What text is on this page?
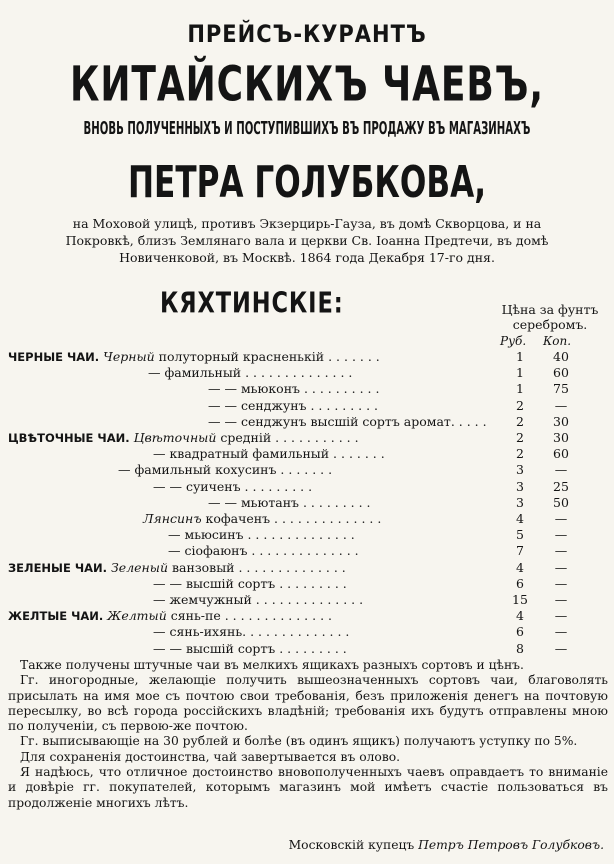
ПРЕЙСЪ-КУРАНТЪ
КИТАЙСКИХЪ ЧАЕВЪ,
ВНОВЬ ПОЛУЧЕННЫХЪ И ПОСТУПИВШИХЪ ВЪ ПРОДАЖУ ВЪ МАГАЗИНАХЪ
ПЕТРА ГОЛУБКОВА,
на Моховой улицѣ, противъ Экзерцирь-Гауза, въ домѣ Скворцова, и на
Покровкѣ, близъ Землянаго вала и церкви Св. Іоанна Предтечи, въ домѣ
Новиченковой, въ Москвѣ. 1864 года Декабря 17-го дня.
КЯХТИНСКІЕ:	Цѣна за фунтъ
серебромъ.
Руб. Коп.
ЧЕРНЫЕ ЧАИ. Черный полуторный красненькiй . . . . . . .	1	40
— фамильный . . . . . . . . . . . . . .	1	60
— — мьюконъ . . . . . . . . . .	1	75
— — сенджунъ . . . . . . . . .	2	—
— — сенджунъ высшiй сортъ аромат. . . . .	2	30
ЦВѢТОЧНЫЕ ЧАИ. Цвѣточный средній . . . . . . . . . . .	2	30
— квадратный фамильный . . . . . . .	2	60
— фамильный кохусинъ . . . . . . .	3	—
— — суиченъ . . . . . . . . .	3	25
— — мьютанъ . . . . . . . . .	3	50
Лянсинъ кофаченъ . . . . . . . . . . . . . .	4	—
— мьюсинъ . . . . . . . . . . . . . .	5	—
— сiофаюнъ . . . . . . . . . . . . . .	7	—
ЗЕЛЕНЫЕ ЧАИ. Зеленый ванзовый . . . . . . . . . . . . . .	4	—
— — высшiй сортъ . . . . . . . . .	6	—
— жемчужный . . . . . . . . . . . . . .	15	—
ЖЕЛТЫЕ ЧАИ. Желтый сянь-пе . . . . . . . . . . . . . .	4	—
— сянь-ихянь. . . . . . . . . . . . . .	6	—
— — высшiй сортъ . . . . . . . . .	8	—

Также получены штучные чаи въ мелкихъ ящикахъ разныхъ сортовъ и цѣнъ.

Гг. иногородные, желающіе получить вышеозначенныхъ сортовъ чаи, благоволять присылать на имя мое съ почтою свои требованія, безъ приложенія денегъ на почтовую пересылку, во всѣ города россійскихъ владѣній; требованія ихъ будутъ отправлены мною по полученіи, съ первою-же почтою.

Гг. выписывающіе на 30 рублей и болѣе (въ одинъ ящикъ) получаютъ уступку по 5%.

Для сохраненія достоинства, чай завертывается въ олово.

Я надѣюсь, что отличное достоинство вновополученныхъ чаевъ оправдаетъ то вниманіе и довѣріе гг. покупателей, которымъ магазинъ мой имѣетъ счастіе пользоваться въ продолженіе многихъ лѣтъ.

Московскій купецъ Петръ Петровъ Голубковъ.
